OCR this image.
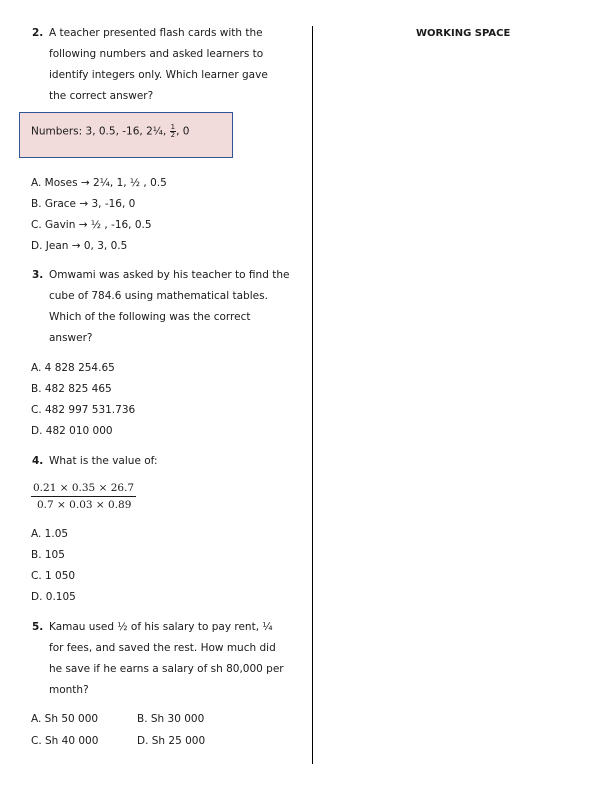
WORKING SPACE
2. A teacher presented flash cards with the
following numbers and asked learners to
identify integers only. Which learner gave
the correct answer?
Numbers: 3, 0.5, -16, 2¼, $\frac{1}{2}$ , 0
A. Moses → 2¼, 1, ½ , 0.5
B. Grace → 3, -16, 0
C. Gavin → ½ , -16, 0.5
D. Jean → 0, 3, 0.5
3. Omwami was asked by his teacher to find the
cube of 784.6 using mathematical tables.
Which of the following was the correct
answer?
A. 4 828 254.65
B. 482 825 465
C. 482 997 531.736
D. 482 010 000
4. What is the value of:
$\frac{0.21 \times 0.35 \times 26.7}{0.7 \times 0.03 \times 0.89}$
A. 1.05
B. 105
C. 1 050
D. 0.105
5. Kamau used ½ of his salary to pay rent, ¼
for fees, and saved the rest. How much did
he save if he earns a salary of sh 80,000 per
month?
A. Sh 50 000	B. Sh 30 000
C. Sh 40 000	D. Sh 25 000
